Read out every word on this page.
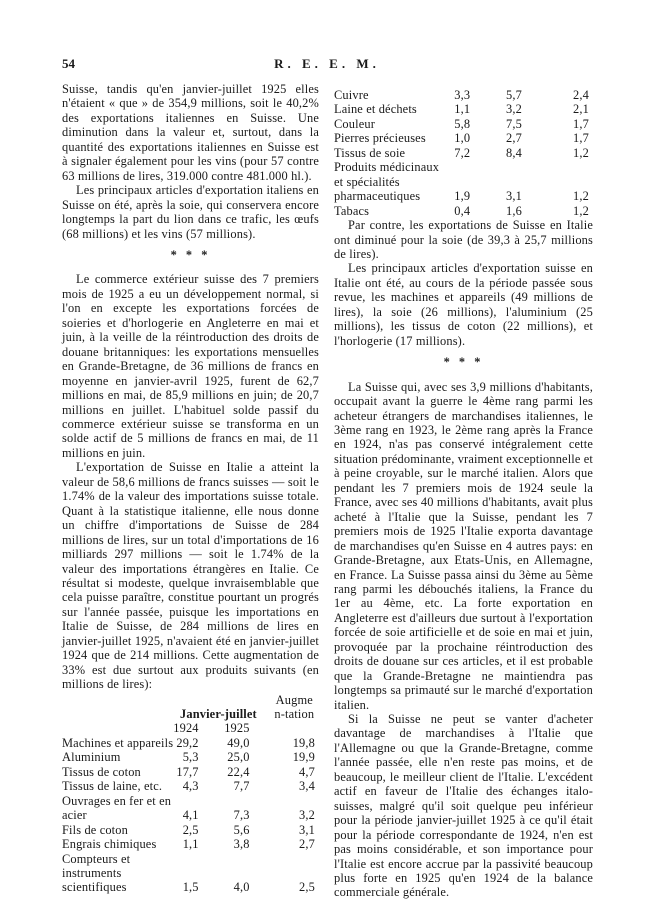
54	R. E. E. M.

Suisse, tandis qu'en janvier-juillet 1925 elles n'étaient « que » de 354,9 millions, soit le 40,2% des exportations italiennes en Suisse. Une diminution dans la valeur et, surtout, dans la quantité des exportations italiennes en Suisse est à signaler également pour les vins (pour 57 contre 63 millions de lires, 319.000 contre 481.000 hl.).

Les principaux articles d'exportation italiens en Suisse on été, après la soie, qui conservera encore longtemps la part du lion dans ce trafic, les œufs (68 millions) et les vins (57 millions).

* * *

Le commerce extérieur suisse des 7 premiers mois de 1925 a eu un développement normal, si l'on en excepte les exportations forcées de soieries et d'horlogerie en Angleterre en mai et juin, à la veille de la réintroduction des droits de douane britanniques: les exportations mensuelles en Grande-Bretagne, de 36 millions de francs en moyenne en janvier-avril 1925, furent de 62,7 millions en mai, de 85,9 millions en juin; de 20,7 millions en juillet. L'habituel solde passif du commerce extérieur suisse se transforma en un solde actif de 5 millions de francs en mai, de 11 millions en juin.

L'exportation de Suisse en Italie a atteint la valeur de 58,6 millions de francs suisses — soit le 1.74% de la valeur des importations suisse totale. Quant à la statistique italienne, elle nous donne un chiffre d'importations de Suisse de 284 millions de lires, sur un total d'importations de 16 milliards 297 millions — soit le 1.74% de la valeur des importations étrangères en Italie. Ce résultat si modeste, quelque invraisemblable que cela puisse paraître, constitue pourtant un progrés sur l'année passée, puisque les importations en Italie de Suisse, de 284 millions de lires en janvier-juillet 1925, n'avaient été en janvier-juillet 1924 que de 214 millions. Cette augmentation de 33% est due surtout aux produits suivants (en millions de lires):

	Janvier-juillet		Augmen-tation
	1924	1925	
Machines et appareils	29,2	49,0	19,8
Aluminium	5,3	25,0	19,9
Tissus de coton	17,7	22,4	4,7
Tissus de laine, etc.	4,3	7,7	3,4
Ouvrages en fer et en acier	4,1	7,3	3,2
Fils de coton	2,5	5,6	3,1
Engrais chimiques	1,1	3,8	2,7
Compteurs et instruments scientifiques	1,5	4,0	2,5
Cuivre	3,3	5,7	2,4
Laine et déchets	1,1	3,2	2,1
Couleur	5,8	7,5	1,7
Pierres précieuses	1,0	2,7	1,7
Tissus de soie	7,2	8,4	1,2
Produits médicinaux et spécialités pharmaceutiques	1,9	3,1	1,2
Tabacs	0,4	1,6	1,2

Par contre, les exportations de Suisse en Italie ont diminué pour la soie (de 39,3 à 25,7 millions de lires).

Les principaux articles d'exportation suisse en Italie ont été, au cours de la période passée sous revue, les machines et appareils (49 millions de lires), la soie (26 millions), l'aluminium (25 millions), les tissus de coton (22 millions), et l'horlogerie (17 millions).

* * *

La Suisse qui, avec ses 3,9 millions d'habitants, occupait avant la guerre le 4ème rang parmi les acheteur étrangers de marchandises italiennes, le 3ème rang en 1923, le 2ème rang après la France en 1924, n'as pas conservé intégralement cette situation prédominante, vraiment exceptionnelle et à peine croyable, sur le marché italien. Alors que pendant les 7 premiers mois de 1924 seule la France, avec ses 40 millions d'habitants, avait plus acheté à l'Italie que la Suisse, pendant les 7 premiers mois de 1925 l'Italie exporta davantage de marchandises qu'en Suisse en 4 autres pays: en Grande-Bretagne, aux Etats-Unis, en Allemagne, en France. La Suisse passa ainsi du 3ème au 5ème rang parmi les débouchés italiens, la France du 1er au 4ème, etc. La forte exportation en Angleterre est d'ailleurs due surtout à l'exportation forcée de soie artificielle et de soie en mai et juin, provoquée par la prochaine réintroduction des droits de douane sur ces articles, et il est probable que la Grande-Bretagne ne maintiendra pas longtemps sa primauté sur le marché d'exportation italien.

Si la Suisse ne peut se vanter d'acheter davantage de marchandises à l'Italie que l'Allemagne ou que la Grande-Bretagne, comme l'année passée, elle n'en reste pas moins, et de beaucoup, le meilleur client de l'Italie. L'excédent actif en faveur de l'Italie des échanges italo-suisses, malgré qu'il soit quelque peu inférieur pour la période janvier-juillet 1925 à ce qu'il était pour la période correspondante de 1924, n'en est pas moins considérable, et son importance pour l'Italie est encore accrue par la passivité beaucoup plus forte en 1925 qu'en 1924 de la balance commerciale générale.
